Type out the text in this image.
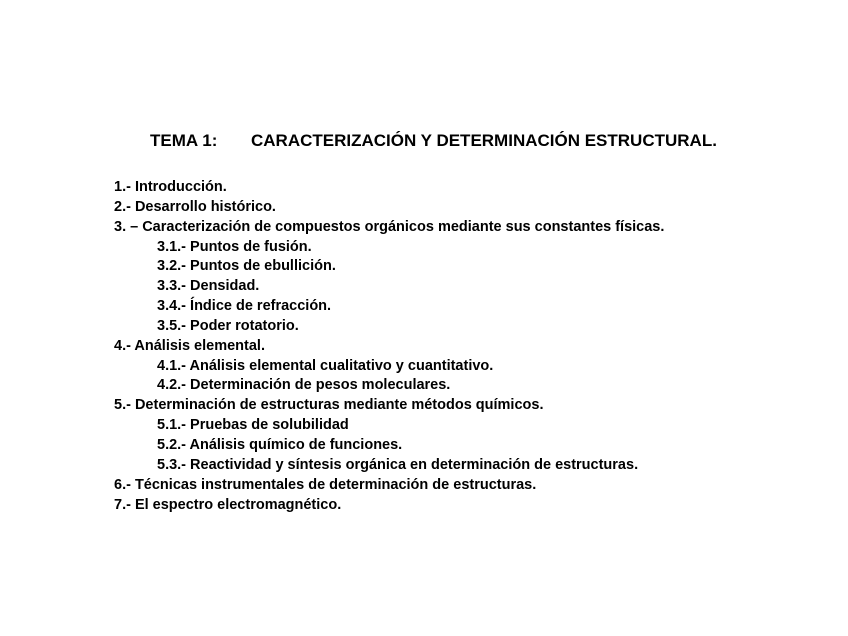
TEMA 1: CARACTERIZACIÓN Y DETERMINACIÓN ESTRUCTURAL.
1.- Introducción.
2.- Desarrollo histórico.
3. – Caracterización de compuestos orgánicos mediante sus constantes físicas.
3.1.- Puntos de fusión.
3.2.- Puntos de ebullición.
3.3.- Densidad.
3.4.- Índice de refracción.
3.5.- Poder rotatorio.
4.- Análisis elemental.
4.1.- Análisis elemental cualitativo y cuantitativo.
4.2.- Determinación de pesos moleculares.
5.- Determinación de estructuras mediante métodos químicos.
5.1.- Pruebas de solubilidad
5.2.- Análisis químico de funciones.
5.3.- Reactividad y síntesis orgánica en determinación de estructuras.
6.- Técnicas instrumentales de determinación de estructuras.
7.- El espectro electromagnético.
